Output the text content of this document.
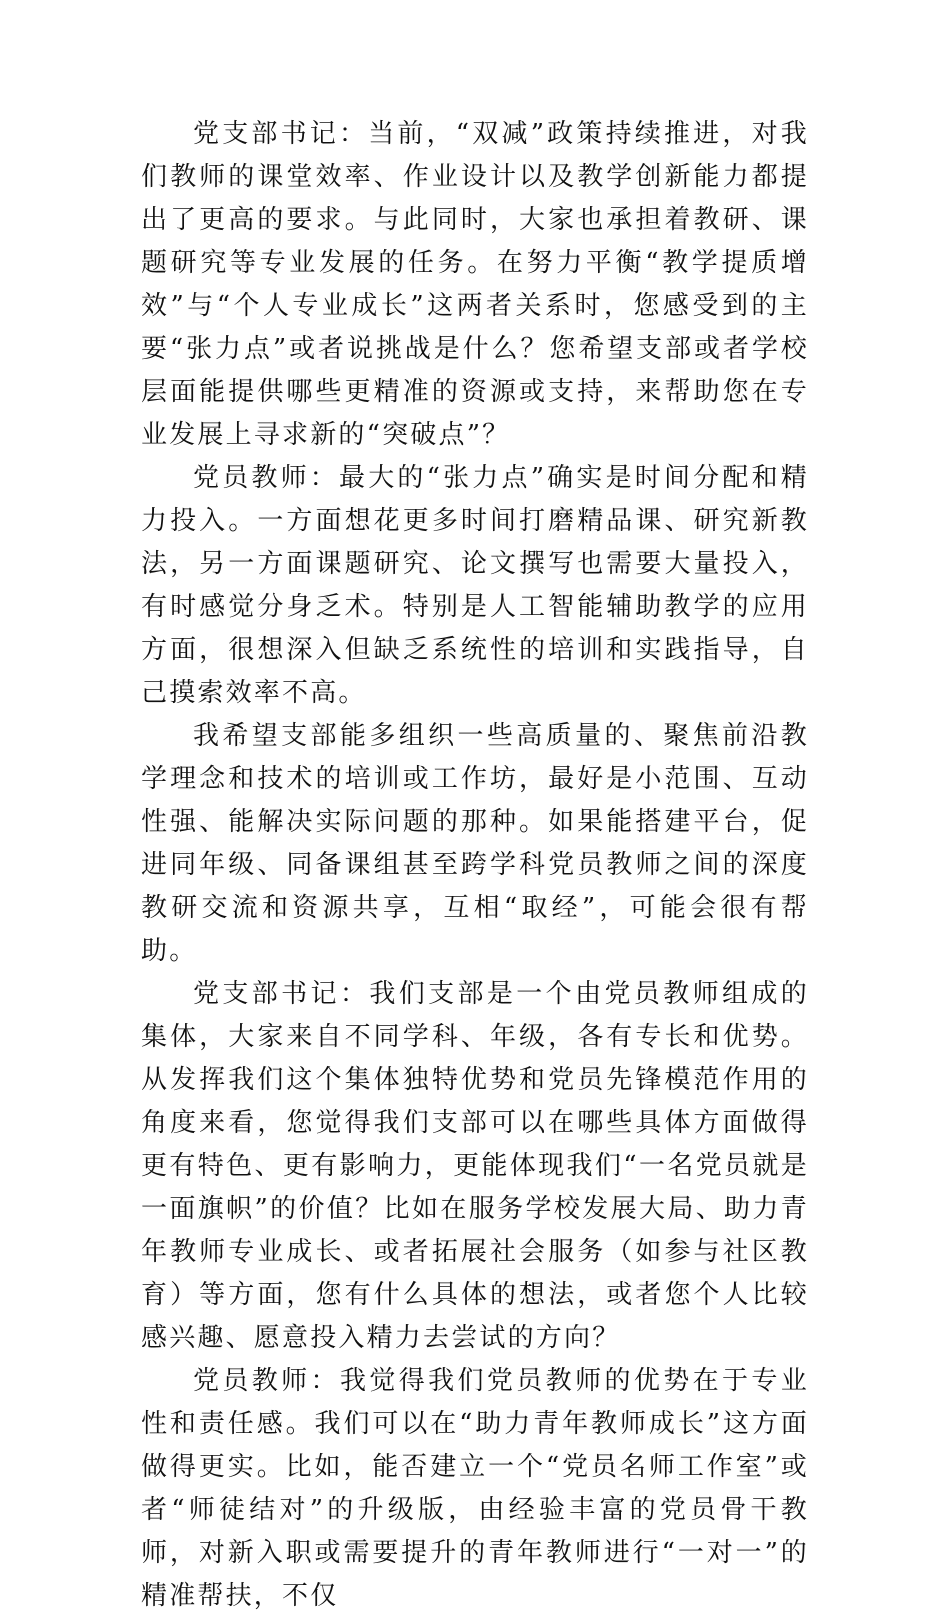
党支部书记：当前，“双减”政策持续推进，对我们教师的课堂效率、作业设计以及教学创新能力都提出了更高的要求。与此同时，大家也承担着教研、课题研究等专业发展的任务。在努力平衡“教学提质增效”与“个人专业成长”这两者关系时，您感受到的主要“张力点”或者说挑战是什么？您希望支部或者学校层面能提供哪些更精准的资源或支持，来帮助您在专业发展上寻求新的“突破点”？

党员教师：最大的“张力点”确实是时间分配和精力投入。一方面想花更多时间打磨精品课、研究新教法，另一方面课题研究、论文撰写也需要大量投入，有时感觉分身乏术。特别是人工智能辅助教学的应用方面，很想深入但缺乏系统性的培训和实践指导，自己摸索效率不高。

我希望支部能多组织一些高质量的、聚焦前沿教学理念和技术的培训或工作坊，最好是小范围、互动性强、能解决实际问题的那种。如果能搭建平台，促进同年级、同备课组甚至跨学科党员教师之间的深度教研交流和资源共享，互相“取经”，可能会很有帮助。

党支部书记：我们支部是一个由党员教师组成的集体，大家来自不同学科、年级，各有专长和优势。从发挥我们这个集体独特优势和党员先锋模范作用的角度来看，您觉得我们支部可以在哪些具体方面做得更有特色、更有影响力，更能体现我们“一名党员就是一面旗帜”的价值？比如在服务学校发展大局、助力青年教师专业成长、或者拓展社会服务（如参与社区教育）等方面，您有什么具体的想法，或者您个人比较感兴趣、愿意投入精力去尝试的方向？

党员教师：我觉得我们党员教师的优势在于专业性和责任感。我们可以在“助力青年教师成长”这方面做得更实。比如，能否建立一个“党员名师工作室”或者“师徒结对”的升级版，由经验丰富的党员骨干教师，对新入职或需要提升的青年教师进行“一对一”的精准帮扶，不仅
